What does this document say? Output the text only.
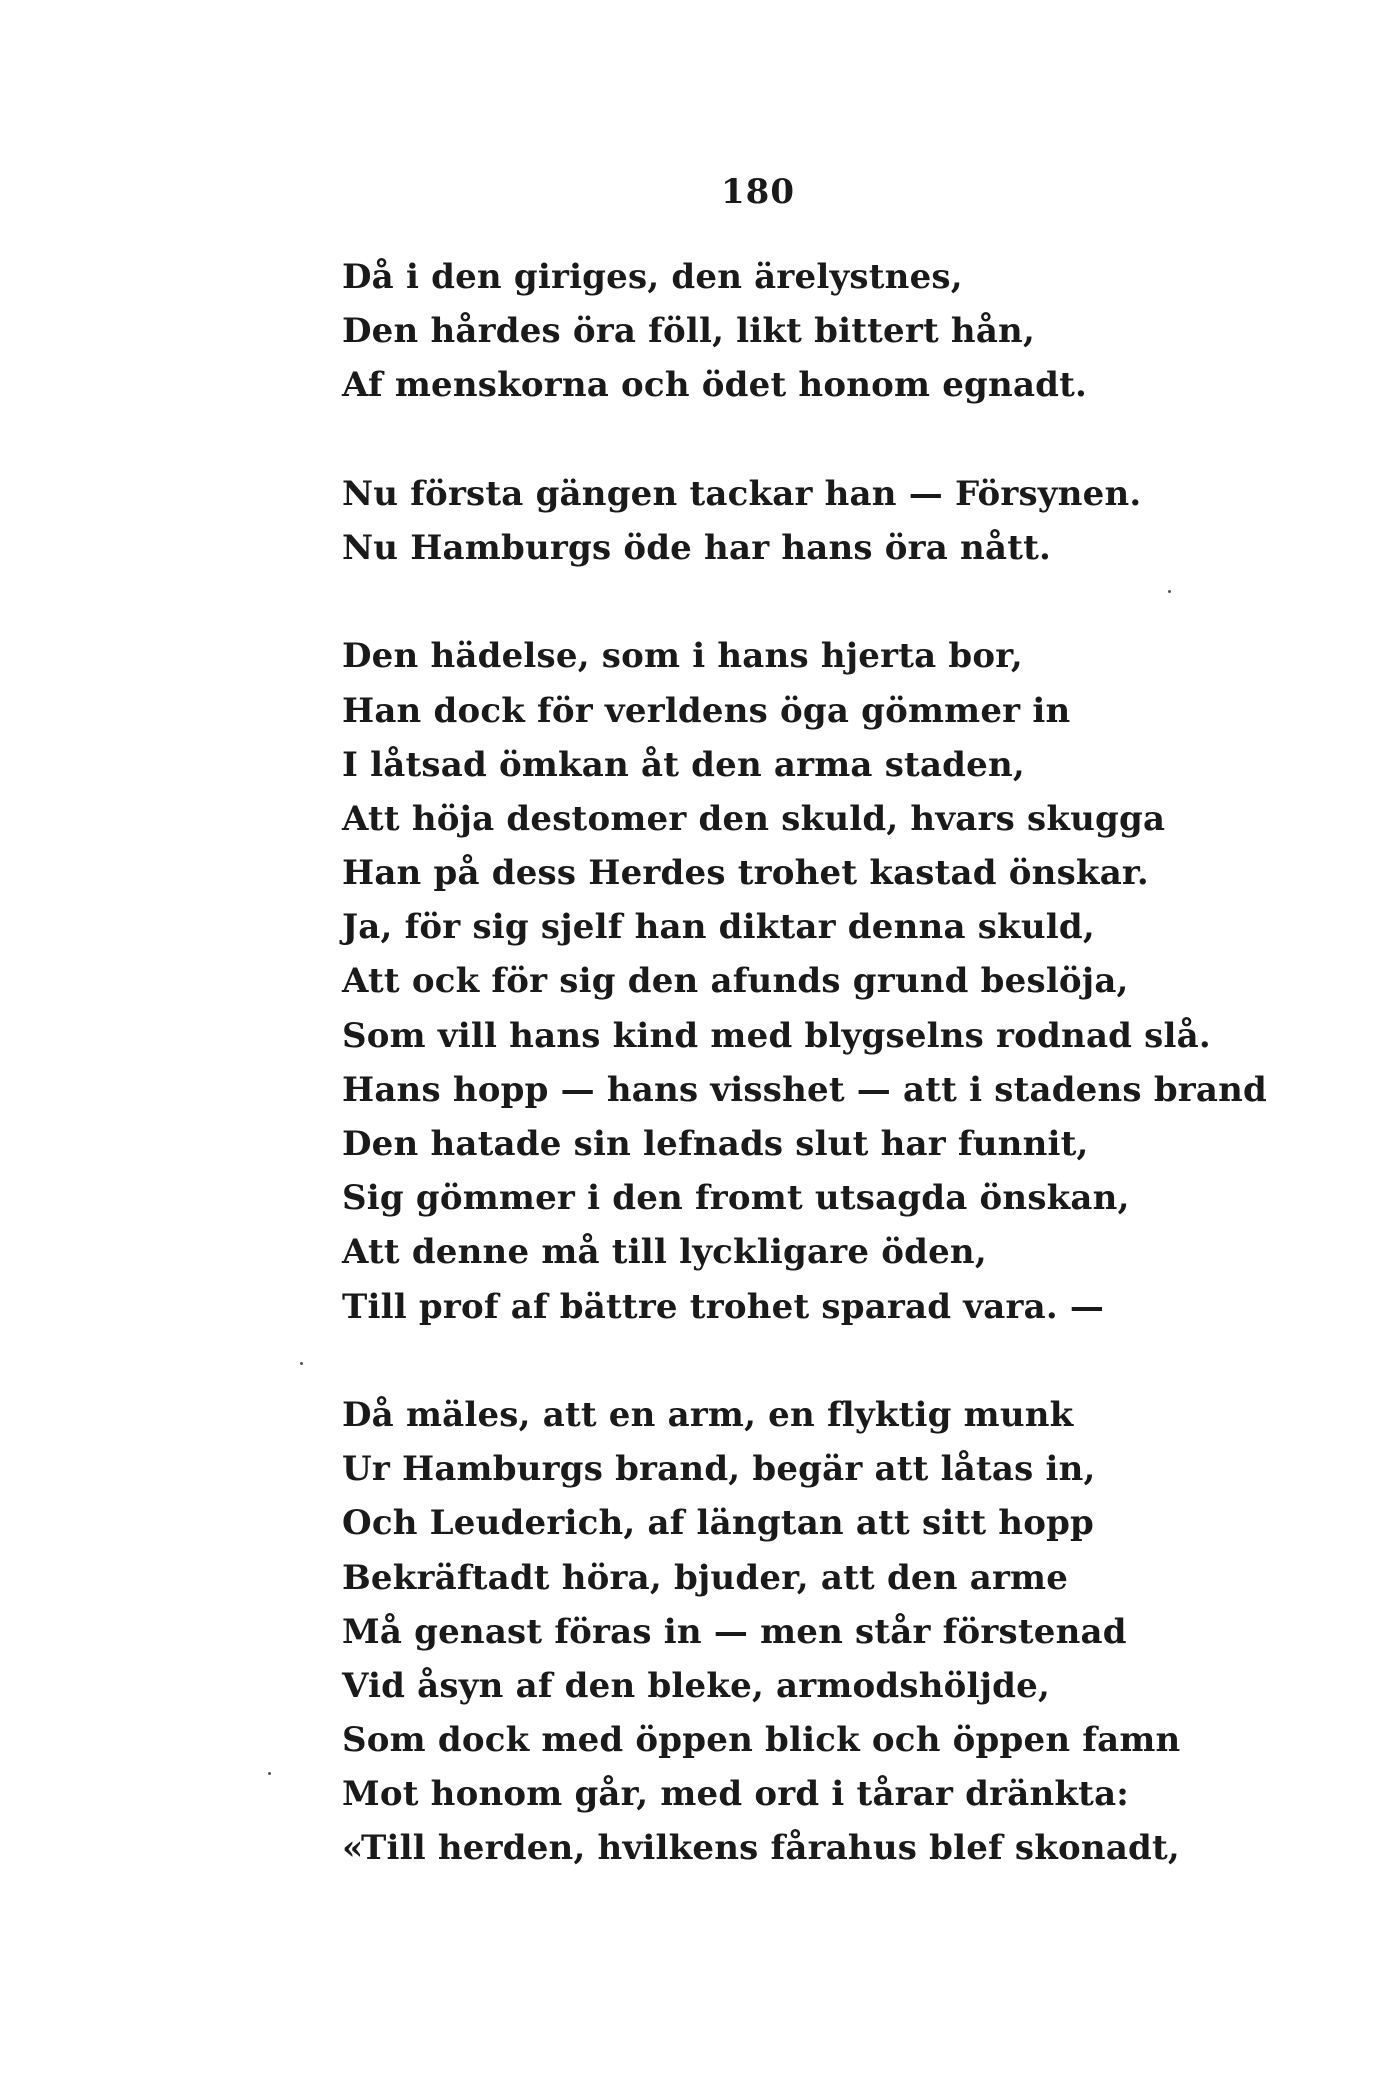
180
Då i den giriges, den ärelystnes,
Den hårdes öra föll, likt bittert hån,
Af menskorna och ödet honom egnadt.
Nu första gängen tackar han — Försynen.
Nu Hamburgs öde har hans öra nått.
Den hädelse, som i hans hjerta bor,
Han dock för verldens öga gömmer in
I låtsad ömkan åt den arma staden,
Att höja destomer den skuld, hvars skugga
Han på dess Herdes trohet kastad önskar.
Ja, för sig sjelf han diktar denna skuld,
Att ock för sig den afunds grund beslöja,
Som vill hans kind med blygselns rodnad slå.
Hans hopp — hans visshet — att i stadens brand
Den hatade sin lefnads slut har funnit,
Sig gömmer i den fromt utsagda önskan,
Att denne må till lyckligare öden,
Till prof af bättre trohet sparad vara. —
Då mäles, att en arm, en flyktig munk
Ur Hamburgs brand, begär att låtas in,
Och Leuderich, af längtan att sitt hopp
Bekräftadt höra, bjuder, att den arme
Må genast föras in — men står förstenad
Vid åsyn af den bleke, armodshöljde,
Som dock med öppen blick och öppen famn
Mot honom går, med ord i tårar dränkta:
«Till herden, hvilkens fårahus blef skonadt,
